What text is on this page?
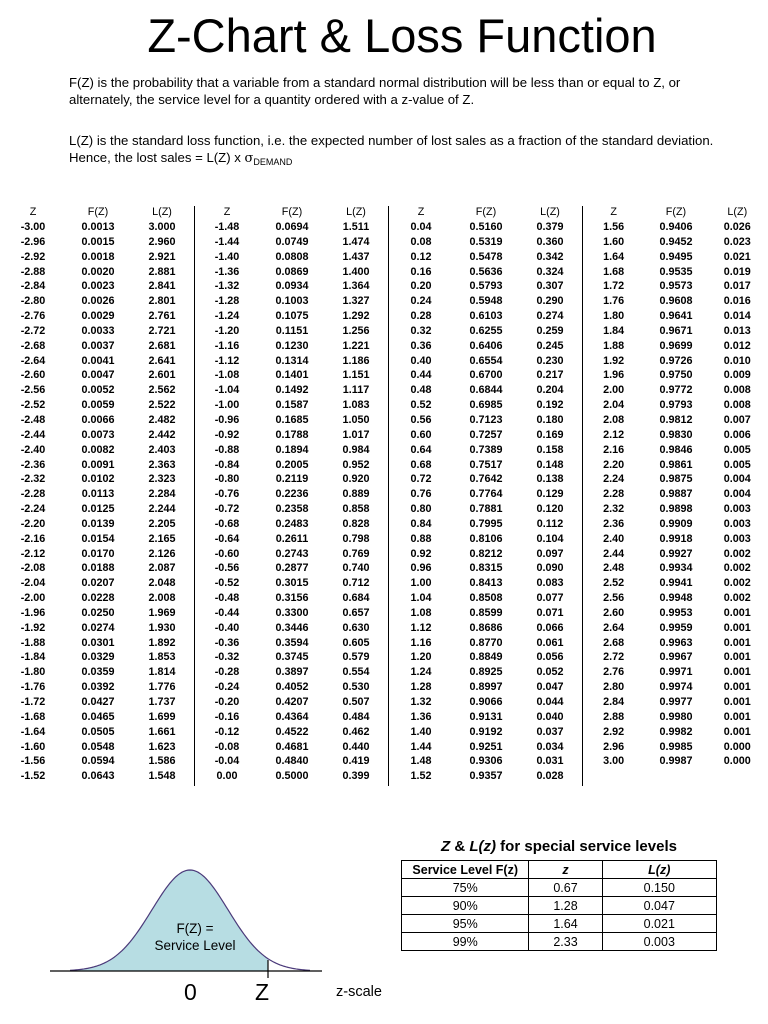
Z-Chart & Loss Function
F(Z) is the probability that a variable from a standard normal distribution will be less than or equal to Z, or alternately, the service level for a quantity ordered with a z-value of Z.
L(Z) is the standard loss function, i.e. the expected number of lost sales as a fraction of the standard deviation. Hence, the lost sales = L(Z) x $\sigma_{DEMAND}$
Z	F(Z)	L(Z)
-3.00	0.0013	3.000
-2.96	0.0015	2.960
-2.92	0.0018	2.921
-2.88	0.0020	2.881
-2.84	0.0023	2.841
-2.80	0.0026	2.801
-2.76	0.0029	2.761
-2.72	0.0033	2.721
-2.68	0.0037	2.681
-2.64	0.0041	2.641
-2.60	0.0047	2.601
-2.56	0.0052	2.562
-2.52	0.0059	2.522
-2.48	0.0066	2.482
-2.44	0.0073	2.442
-2.40	0.0082	2.403
-2.36	0.0091	2.363
-2.32	0.0102	2.323
-2.28	0.0113	2.284
-2.24	0.0125	2.244
-2.20	0.0139	2.205
-2.16	0.0154	2.165
-2.12	0.0170	2.126
-2.08	0.0188	2.087
-2.04	0.0207	2.048
-2.00	0.0228	2.008
-1.96	0.0250	1.969
-1.92	0.0274	1.930
-1.88	0.0301	1.892
-1.84	0.0329	1.853
-1.80	0.0359	1.814
-1.76	0.0392	1.776
-1.72	0.0427	1.737
-1.68	0.0465	1.699
-1.64	0.0505	1.661
-1.60	0.0548	1.623
-1.56	0.0594	1.586
-1.52	0.0643	1.548
Z	F(Z)	L(Z)
-1.48	0.0694	1.511
-1.44	0.0749	1.474
-1.40	0.0808	1.437
-1.36	0.0869	1.400
-1.32	0.0934	1.364
-1.28	0.1003	1.327
-1.24	0.1075	1.292
-1.20	0.1151	1.256
-1.16	0.1230	1.221
-1.12	0.1314	1.186
-1.08	0.1401	1.151
-1.04	0.1492	1.117
-1.00	0.1587	1.083
-0.96	0.1685	1.050
-0.92	0.1788	1.017
-0.88	0.1894	0.984
-0.84	0.2005	0.952
-0.80	0.2119	0.920
-0.76	0.2236	0.889
-0.72	0.2358	0.858
-0.68	0.2483	0.828
-0.64	0.2611	0.798
-0.60	0.2743	0.769
-0.56	0.2877	0.740
-0.52	0.3015	0.712
-0.48	0.3156	0.684
-0.44	0.3300	0.657
-0.40	0.3446	0.630
-0.36	0.3594	0.605
-0.32	0.3745	0.579
-0.28	0.3897	0.554
-0.24	0.4052	0.530
-0.20	0.4207	0.507
-0.16	0.4364	0.484
-0.12	0.4522	0.462
-0.08	0.4681	0.440
-0.04	0.4840	0.419
0.00	0.5000	0.399
Z	F(Z)	L(Z)
0.04	0.5160	0.379
0.08	0.5319	0.360
0.12	0.5478	0.342
0.16	0.5636	0.324
0.20	0.5793	0.307
0.24	0.5948	0.290
0.28	0.6103	0.274
0.32	0.6255	0.259
0.36	0.6406	0.245
0.40	0.6554	0.230
0.44	0.6700	0.217
0.48	0.6844	0.204
0.52	0.6985	0.192
0.56	0.7123	0.180
0.60	0.7257	0.169
0.64	0.7389	0.158
0.68	0.7517	0.148
0.72	0.7642	0.138
0.76	0.7764	0.129
0.80	0.7881	0.120
0.84	0.7995	0.112
0.88	0.8106	0.104
0.92	0.8212	0.097
0.96	0.8315	0.090
1.00	0.8413	0.083
1.04	0.8508	0.077
1.08	0.8599	0.071
1.12	0.8686	0.066
1.16	0.8770	0.061
1.20	0.8849	0.056
1.24	0.8925	0.052
1.28	0.8997	0.047
1.32	0.9066	0.044
1.36	0.9131	0.040
1.40	0.9192	0.037
1.44	0.9251	0.034
1.48	0.9306	0.031
1.52	0.9357	0.028
Z	F(Z)	L(Z)
1.56	0.9406	0.026
1.60	0.9452	0.023
1.64	0.9495	0.021
1.68	0.9535	0.019
1.72	0.9573	0.017
1.76	0.9608	0.016
1.80	0.9641	0.014
1.84	0.9671	0.013
1.88	0.9699	0.012
1.92	0.9726	0.010
1.96	0.9750	0.009
2.00	0.9772	0.008
2.04	0.9793	0.008
2.08	0.9812	0.007
2.12	0.9830	0.006
2.16	0.9846	0.005
2.20	0.9861	0.005
2.24	0.9875	0.004
2.28	0.9887	0.004
2.32	0.9898	0.003
2.36	0.9909	0.003
2.40	0.9918	0.003
2.44	0.9927	0.002
2.48	0.9934	0.002
2.52	0.9941	0.002
2.56	0.9948	0.002
2.60	0.9953	0.001
2.64	0.9959	0.001
2.68	0.9963	0.001
2.72	0.9967	0.001
2.76	0.9971	0.001
2.80	0.9974	0.001
2.84	0.9977	0.001
2.88	0.9980	0.001
2.92	0.9982	0.001
2.96	0.9985	0.000
3.00	0.9987	0.000
F(Z) =
Service Level
0	Z	z-scale
Z & L(z) for special service levels
Service Level F(z)	z	L(z)
75%	0.67	0.150
90%	1.28	0.047
95%	1.64	0.021
99%	2.33	0.003
